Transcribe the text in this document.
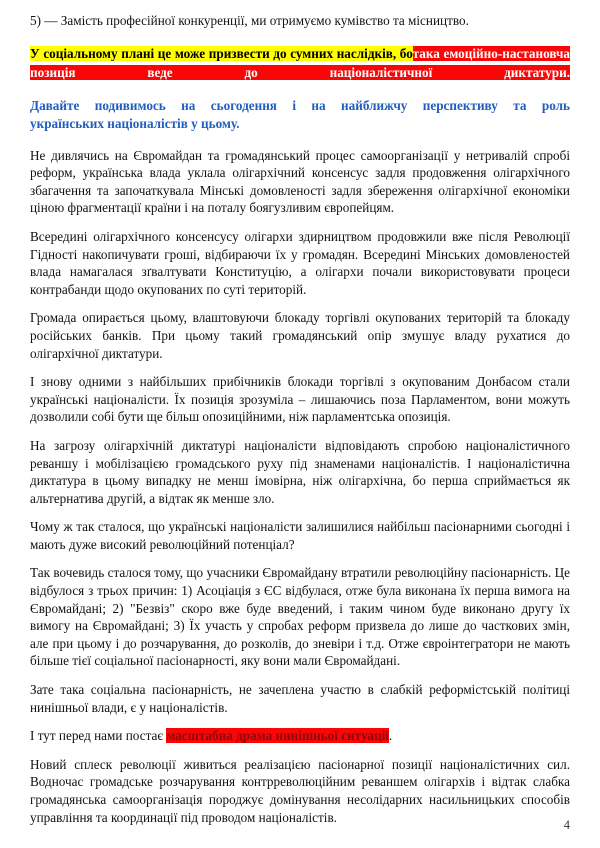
5) — Замість професійної конкуренції, ми отримуємо кумівство та місництво.

У соціальному плані це може призвести до сумних наслідків, ботака емоційно-настановча позиція веде до націоналістичної диктатури.

Давайте подивимось на сьогодення і на найближчу перспективу та роль
українських націоналістів у цьому.

Не дивлячись на Євромайдан та громадянський процес самоорганізації у нетривалій спробі реформ, українська влада уклала олігархічний консенсус задля продовження олігархічного збагачення та започаткувала Мінські домовленості задля збереження олігархічної економіки ціною фрагментації країни і на поталу боягузливим європейцям.

Всередині олігархічного консенсусу олігархи здирництвом продовжили вже після Революції Гідності накопичувати гроші, відбираючи їх у громадян. Всередині Мінських домовленостей влада намагалася зґвалтувати Конституцію, а олігархи почали використовувати процеси контрабанди щодо окупованих по суті територій.

Громада опирається цьому, влаштовуючи блокаду торгівлі окупованих територій та блокаду російських банків. При цьому такий громадянський опір змушує владу рухатися до олігархічної диктатури.

І знову одними з найбільших прибічників блокади торгівлі з окупованим Донбасом стали українські націоналісти. Їх позиція зрозуміла – лишаючись поза Парламентом, вони можуть дозволили собі бути ще більш опозиційними, ніж парламентська опозиція.

На загрозу олігархічній диктатурі націоналісти відповідають спробою націоналістичного реваншу і мобілізацією громадського руху під знаменами націоналістів. І націоналістична диктатура в цьому випадку не менш імовірна, ніж олігархічна, бо перша сприймається як альтернатива другій, а відтак як менше зло.

Чому ж так сталося, що українські націоналісти залишилися найбільш пасіонарними сьогодні і мають дуже високий революційний потенціал?

Так вочевидь сталося тому, що учасники Євромайдану втратили революційну пасіонарність. Це відбулося з трьох причин: 1) Асоціація з ЄС відбулася, отже була виконана їх перша вимога на Євромайдані; 2) "Безвіз" скоро вже буде введений, і таким чином буде виконано другу їх вимогу на Євромайдані; 3) Їх участь у спробах реформ призвела до лише до часткових змін, але при цьому і до розчарування, до розколів, до зневіри і т.д. Отже євроінтегратори не мають більше тієї соціальної пасіонарності, яку вони мали Євромайдані.

Зате така соціальна пасіонарність, не зачеплена участю в слабкій реформістській політиці нинішньої влади, є у націоналістів.

І тут перед нами постає масштабна драма нинішньої ситуації.

Новий сплеск революції живиться реалізацією пасіонарної позиції націоналістичних сил. Водночас громадське розчарування контрреволюційним реваншем олігархів і відтак слабка громадянська самоорганізація породжує домінування несолідарних насильницьких способів управління та координації під проводом націоналістів.

4
